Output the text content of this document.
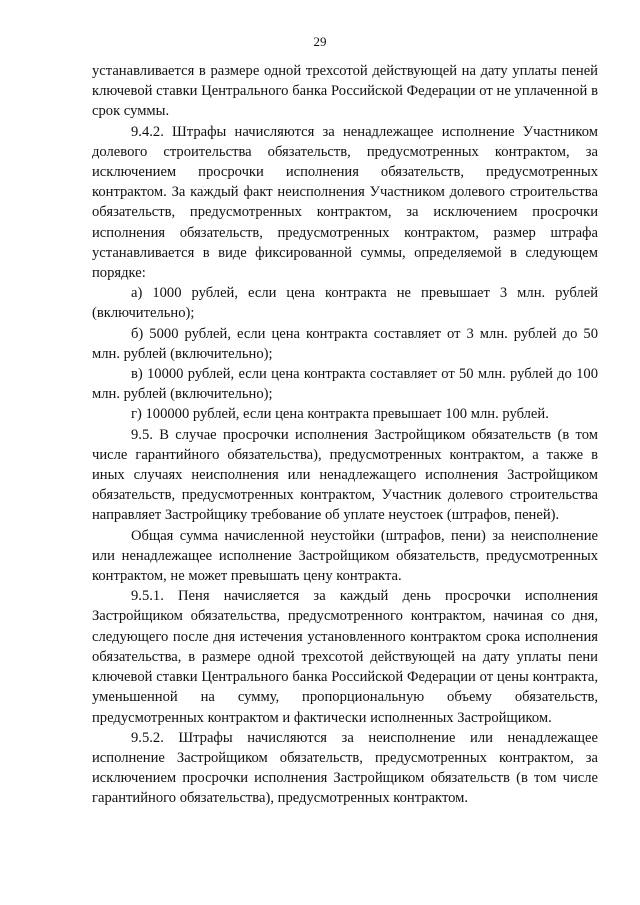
29

устанавливается в размере одной трехсотой действующей на дату уплаты пеней ключевой ставки Центрального банка Российской Федерации от не уплаченной в срок суммы.

9.4.2. Штрафы начисляются за ненадлежащее исполнение Участником долевого строительства обязательств, предусмотренных контрактом, за исключением просрочки исполнения обязательств, предусмотренных контрактом. За каждый факт неисполнения Участником долевого строительства обязательств, предусмотренных контрактом, за исключением просрочки исполнения обязательств, предусмотренных контрактом, размер штрафа устанавливается в виде фиксированной суммы, определяемой в следующем порядке:

а) 1000 рублей, если цена контракта не превышает 3 млн. рублей (включительно);

б) 5000 рублей, если цена контракта составляет от 3 млн. рублей до 50 млн. рублей (включительно);

в) 10000 рублей, если цена контракта составляет от 50 млн. рублей до 100 млн. рублей (включительно);

г) 100000 рублей, если цена контракта превышает 100 млн. рублей.

9.5. В случае просрочки исполнения Застройщиком обязательств (в том числе гарантийного обязательства), предусмотренных контрактом, а также в иных случаях неисполнения или ненадлежащего исполнения Застройщиком обязательств, предусмотренных контрактом, Участник долевого строительства направляет Застройщику требование об уплате неустоек (штрафов, пеней).

Общая сумма начисленной неустойки (штрафов, пени) за неисполнение или ненадлежащее исполнение Застройщиком обязательств, предусмотренных контрактом, не может превышать цену контракта.

9.5.1. Пеня начисляется за каждый день просрочки исполнения Застройщиком обязательства, предусмотренного контрактом, начиная со дня, следующего после дня истечения установленного контрактом срока исполнения обязательства, в размере одной трехсотой действующей на дату уплаты пени ключевой ставки Центрального банка Российской Федерации от цены контракта, уменьшенной на сумму, пропорциональную объему обязательств, предусмотренных контрактом и фактически исполненных Застройщиком.

9.5.2. Штрафы начисляются за неисполнение или ненадлежащее исполнение Застройщиком обязательств, предусмотренных контрактом, за исключением просрочки исполнения Застройщиком обязательств (в том числе гарантийного обязательства), предусмотренных контрактом.
